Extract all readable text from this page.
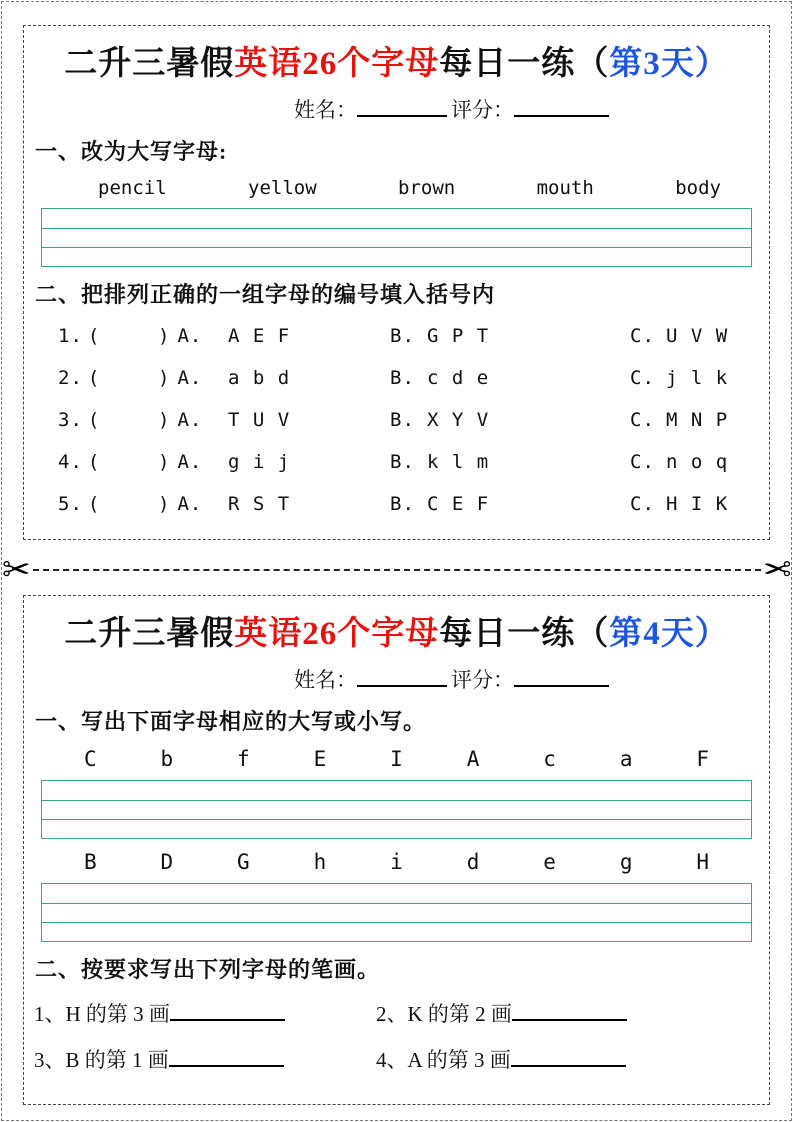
二升三暑假英语26个字母每日一练（第3天）
姓名：	评分：
一、改为大写字母:
pencil	yellow	brown	mouth	body
二、把排列正确的一组字母的编号填入括号内
1. (	) A.	A E F	B. G P T	C. U V W
2. (	) A.	a b d	B. c d e	C. j l k
3. (	) A.	T U V	B. X Y V	C. M N P
4. (	) A.	g i j	B. k l m	C. n o q
5. (	) A.	R S T	B. C E F	C. H I K
✂	✂
二升三暑假英语26个字母每日一练（第4天）
姓名：	评分：
一、写出下面字母相应的大写或小写。
C	b	f	E	I	A	c	a	F
B	D	G	h	i	d	e	g	H
二、按要求写出下列字母的笔画。
1、H 的第 3 画	2、K 的第 2 画
3、B 的第 1 画	4、A 的第 3 画
